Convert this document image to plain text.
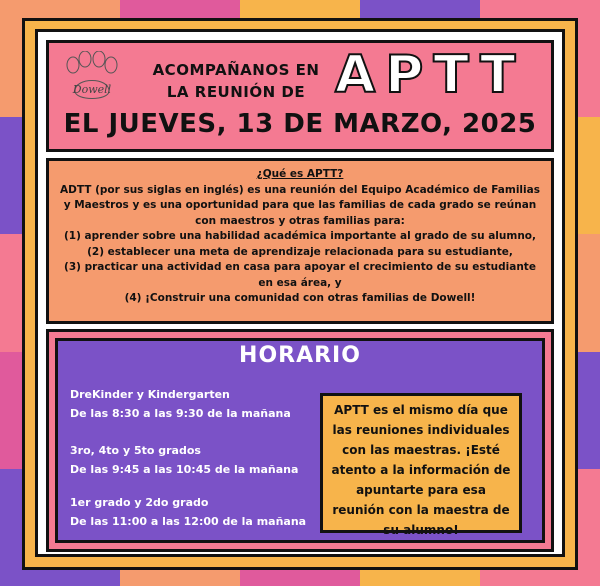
Dowell
ACOMPAÑANOS EN
LA REUNIÓN DE APTT
EL JUEVES, 13 DE MARZO, 2025
¿Qué es APTT?
ADTT (por sus siglas en inglés) es una reunión del Equipo Académico de Familias y Maestros y es una oportunidad para que las familias de cada grado se reúnan con maestros y otras familias para:
(1) aprender sobre una habilidad académica importante al grado de su alumno,
(2) establecer una meta de aprendizaje relacionada para su estudiante,
(3) practicar una actividad en casa para apoyar el crecimiento de su estudiante en esa área, y
(4) ¡Construir una comunidad con otras familias de Dowell!
HORARIO
DreKinder y Kindergarten
De las 8:30 a las 9:30 de la mañana
3ro, 4to y 5to grados
De las 9:45 a las 10:45 de la mañana
1er grado y 2do grado
De las 11:00 a las 12:00 de la mañana
APTT es el mismo día que las reuniones individuales con las maestras. ¡Esté atento a la información de apuntarte para esa reunión con la maestra de su alumno!
